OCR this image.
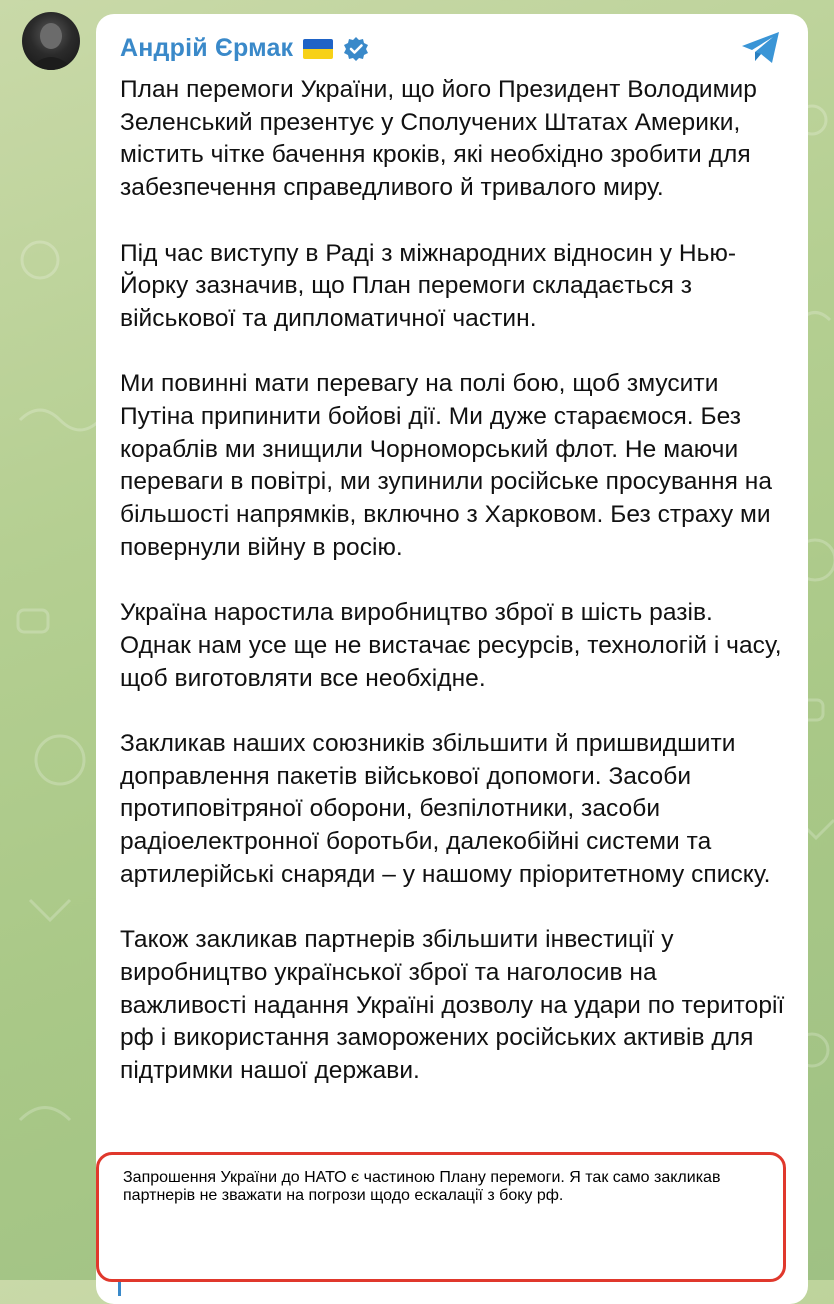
Андрій Єрмак

План перемоги України, що його Президент Володимир Зеленський презентує у Сполучених Штатах Америки, містить чітке бачення кроків, які необхідно зробити для забезпечення справедливого й тривалого миру.

Під час виступу в Раді з міжнародних відносин у Нью-Йорку зазначив, що План перемоги складається з військової та дипломатичної частин.

Ми повинні мати перевагу на полі бою, щоб змусити Путіна припинити бойові дії. Ми дуже стараємося. Без кораблів ми знищили Чорноморський флот. Не маючи переваги в повітрі, ми зупинили російське просування на більшості напрямків, включно з Харковом. Без страху ми повернули війну в росію.

Україна наростила виробництво зброї в шість разів. Однак нам усе ще не вистачає ресурсів, технологій і часу, щоб виготовляти все необхідне.

Закликав наших союзників збільшити й пришвидшити доправлення пакетів військової допомоги. Засоби протиповітряної оборони, безпілотники, засоби радіоелектронної боротьби, далекобійні системи та артилерійські снаряди – у нашому пріоритетному списку.

Також закликав партнерів збільшити інвестиції у виробництво української зброї та наголосив на важливості надання Україні дозволу на удари по території рф і використання заморожених російських активів для підтримки нашої держави.

Запрошення України до НАТО є частиною Плану перемоги. Я так само закликав партнерів не зважати на погрози щодо ескалації з боку рф.
